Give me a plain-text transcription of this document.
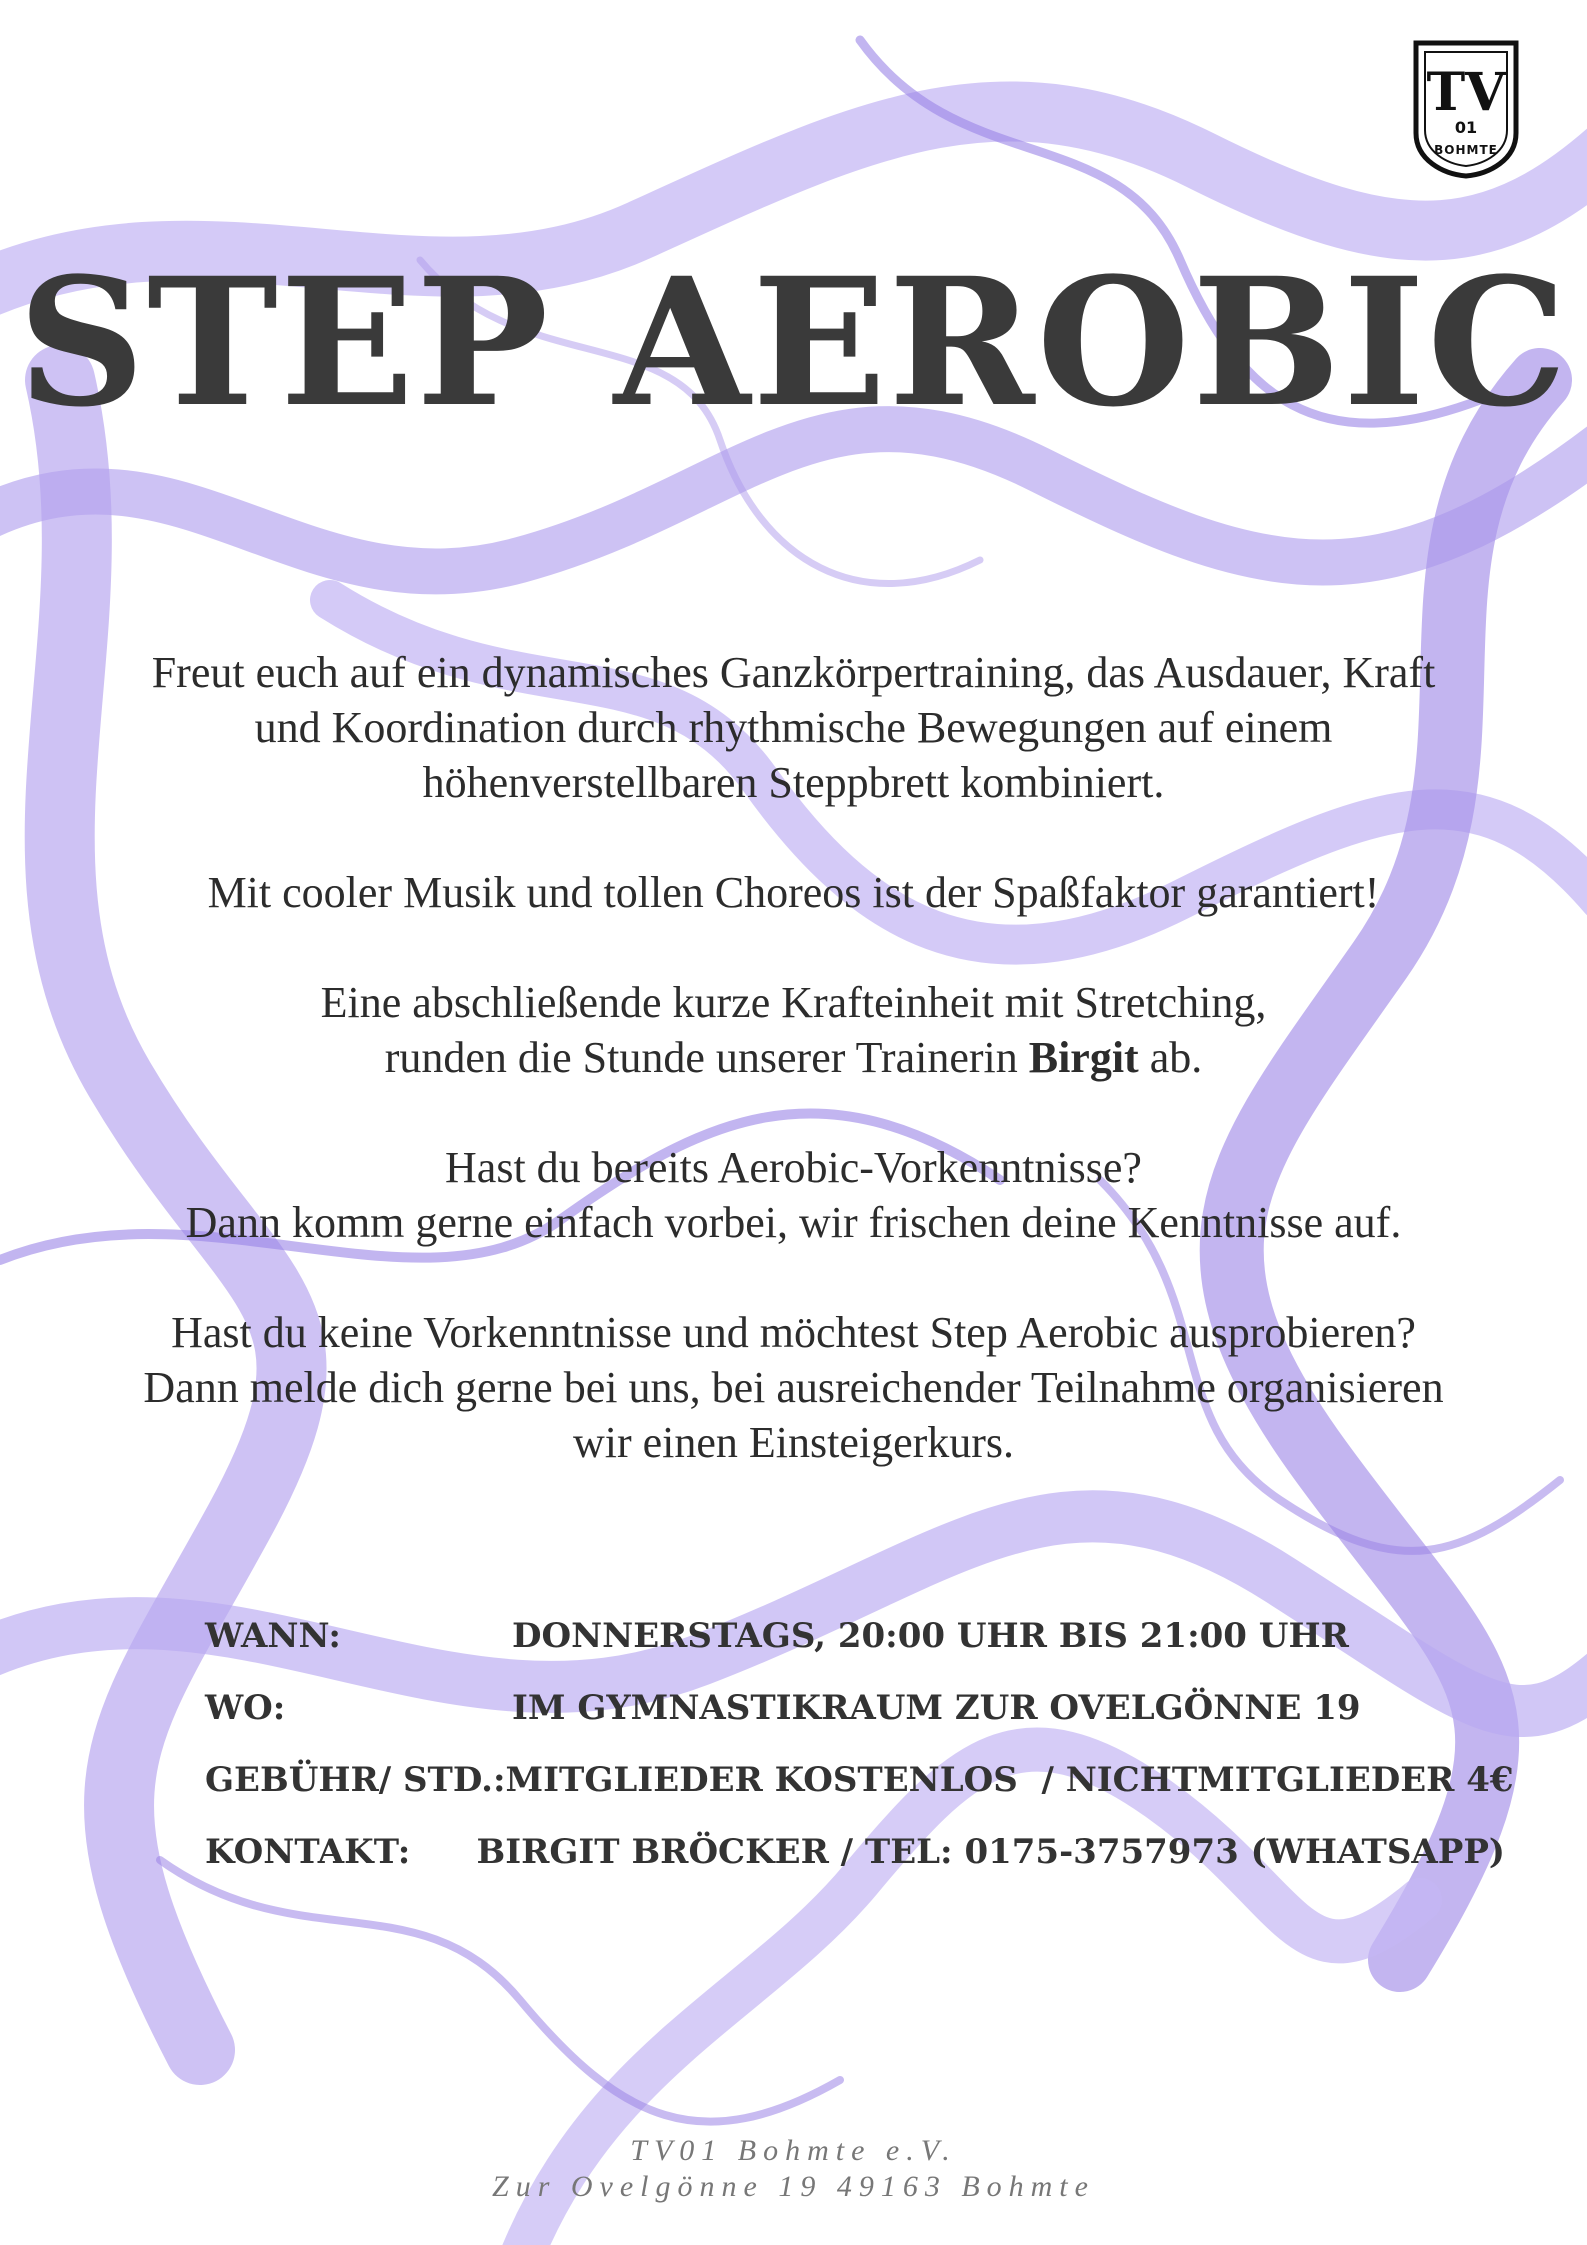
TV
01
BOHMTE
STEP AEROBIC

Freut euch auf ein dynamisches Ganzkörpertraining, das Ausdauer, Kraft
und Koordination durch rhythmische Bewegungen auf einem
höhenverstellbaren Steppbrett kombiniert.

Mit cooler Musik und tollen Choreos ist der Spaßfaktor garantiert!

Eine abschließende kurze Krafteinheit mit Stretching,
runden die Stunde unserer Trainerin Birgit ab.

Hast du bereits Aerobic-Vorkenntnisse?
Dann komm gerne einfach vorbei, wir frischen deine Kenntnisse auf.

Hast du keine Vorkenntnisse und möchtest Step Aerobic ausprobieren?
Dann melde dich gerne bei uns, bei ausreichender Teilnahme organisieren
wir einen Einsteigerkurs.

WANN:	DONNERSTAGS, 20:00 UHR BIS 21:00 UHR
WO:	IM GYMNASTIKRAUM ZUR OVELGÖNNE 19
GEBÜHR/ STD.: MITGLIEDER KOSTENLOS  / NICHTMITGLIEDER 4€
KONTAKT:	BIRGIT BRÖCKER / TEL: 0175-3757973 (WHATSAPP)
TV01 Bohmte e.V.
Zur Ovelgönne 19 49163 Bohmte
